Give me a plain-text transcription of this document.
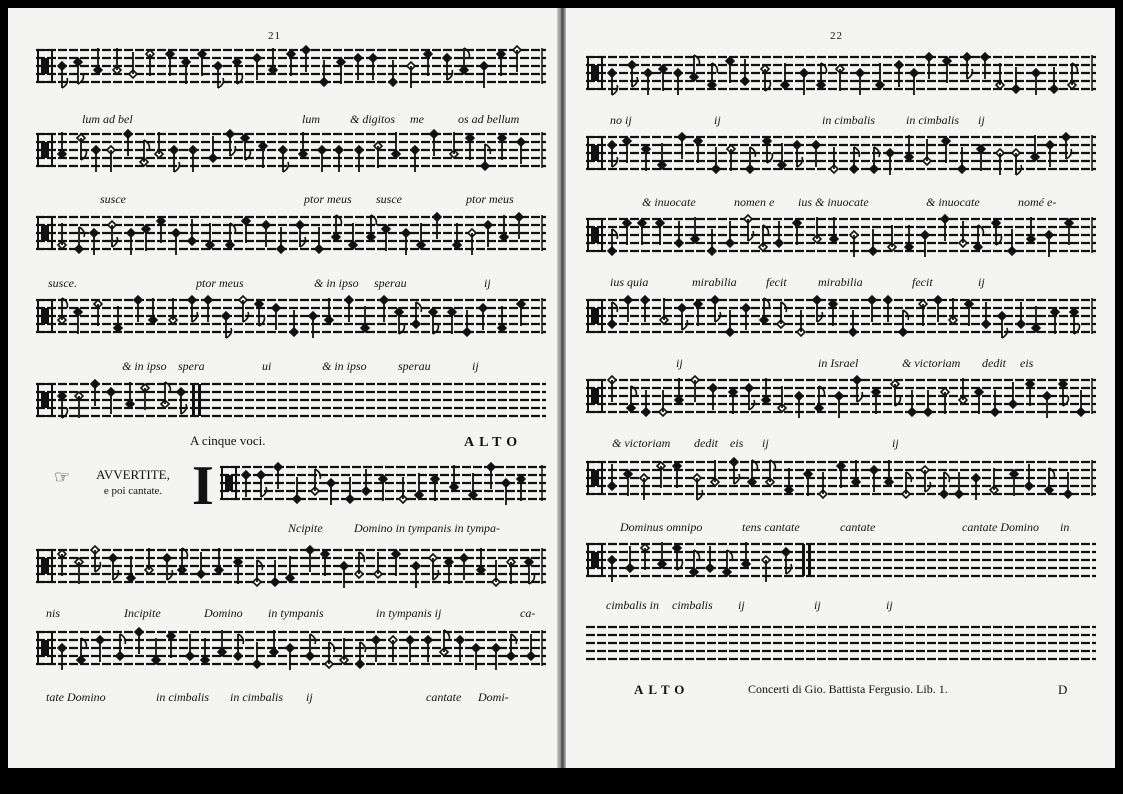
21
lum ad bel	lum	& digitos me	os ad bellum
susce	ptor meus susce	ptor meus
susce.	ptor meus	& in ipso sperau	ij
& in ipso spera	ui	& in ipso	sperau	ij
A cinque voci.	ALTO
☞	AVVERTITE,
e poi cantate. I
Ncipite	Domino in tympanis in tympa-
nis	Incipite	Domino in tympanis	in tympanis ij	ca-
tate Domino	in cimbalis in cimbalis ij	cantate Domi-
22
no ij	ij	in cimbalis	in cimbalis ij
& inuocate	nomen e ius & inuocate	& inuocate	nomé e-
ius quia	mirabilia fecit	mirabilia	fecit	ij
ij	in Israel	& victoriam dedit eis
& victoriam dedit eis ij	ij
Dominus omnipo	tens cantate	cantate	cantate Domino in
cimbalis in cimbalis ij	ij	ij
ALTO	Concerti di Gio. Battista Fergusio. Lib. 1.	D
